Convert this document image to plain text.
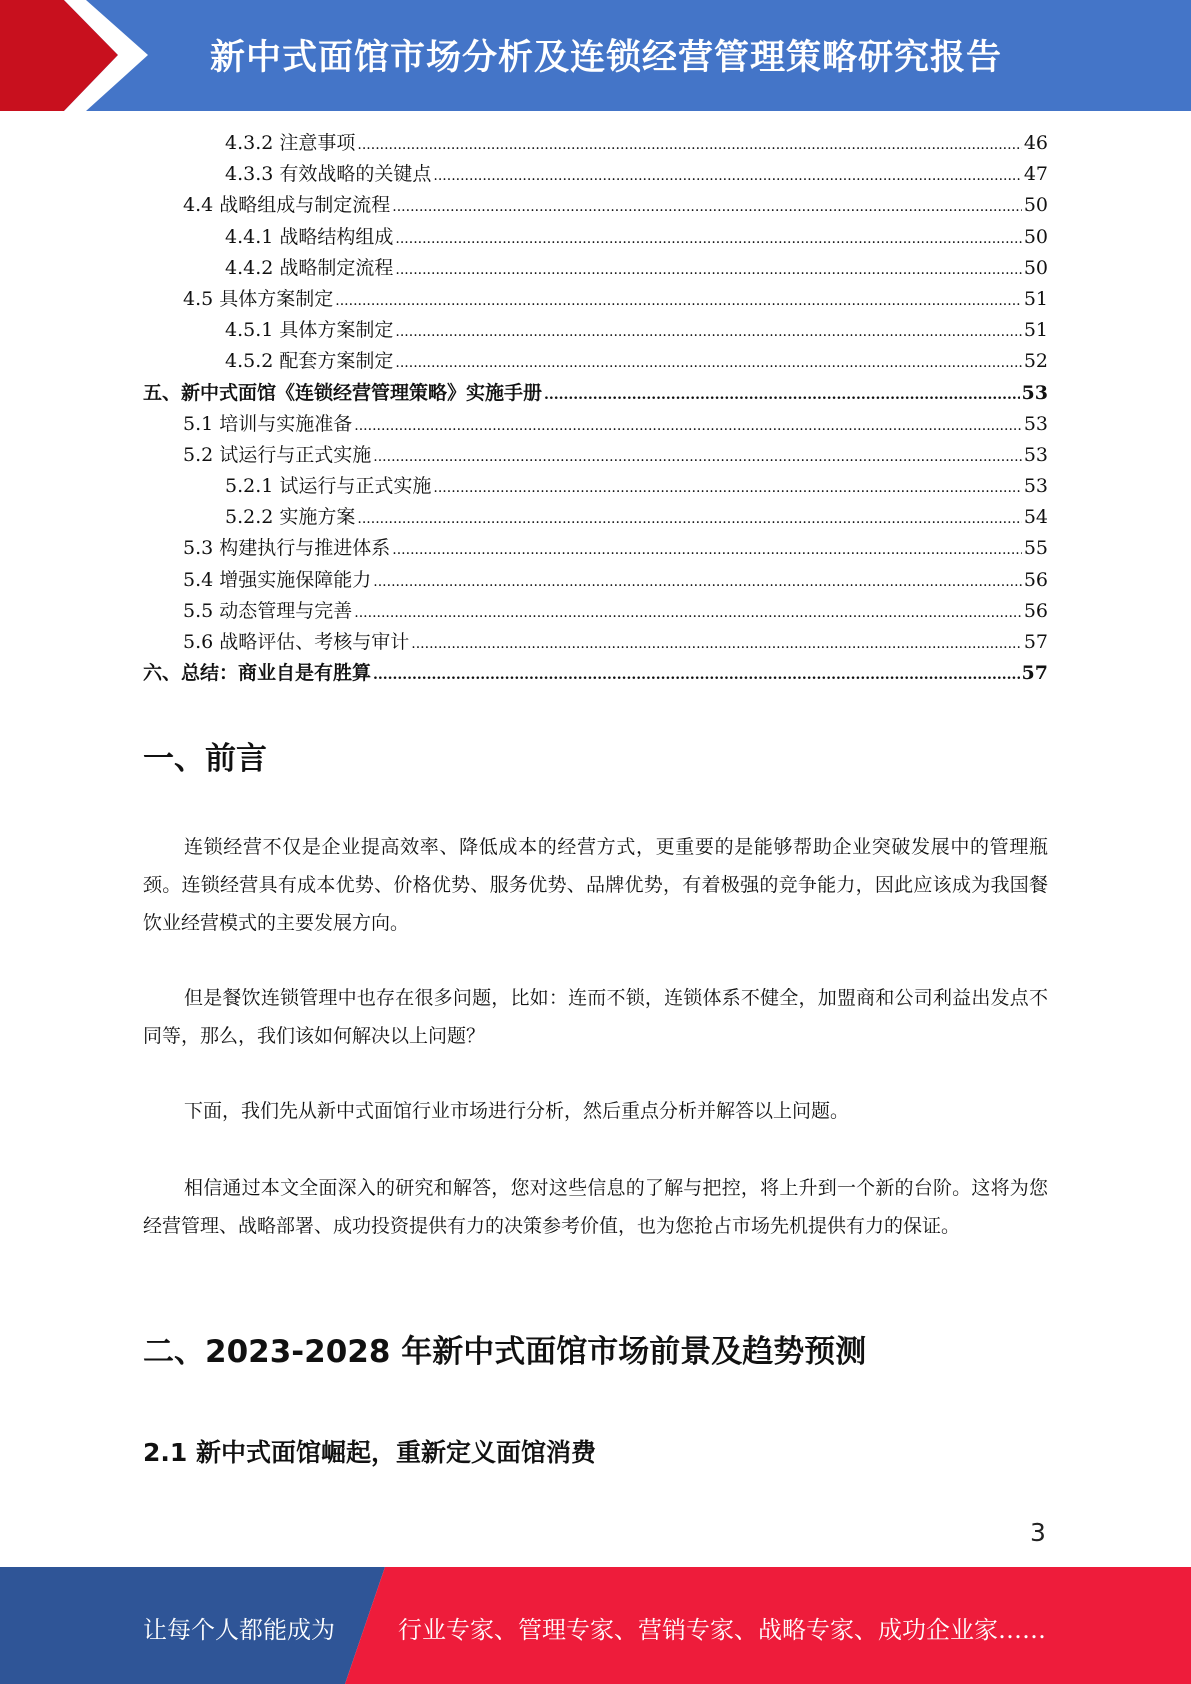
新中式面馆市场分析及连锁经营管理策略研究报告
4.3.2 注意事项 .....	46
4.3.3 有效战略的关键点 .....	47
4.4 战略组成与制定流程 .....	50
4.4.1 战略结构组成 .....	50
4.4.2 战略制定流程 .....	50
4.5 具体方案制定 .....	51
4.5.1 具体方案制定 .....	51
4.5.2 配套方案制定 .....	52
五、新中式面馆《连锁经营管理策略》实施手册 .....	53
5.1 培训与实施准备 .....	53
5.2 试运行与正式实施 .....	53
5.2.1 试运行与正式实施 .....	53
5.2.2 实施方案 .....	54
5.3 构建执行与推进体系 .....	55
5.4 增强实施保障能力 .....	56
5.5 动态管理与完善 .....	56
5.6 战略评估、考核与审计 .....	57
六、总结：商业自是有胜算 .....	57
一、前言

连锁经营不仅是企业提高效率、降低成本的经营方式，更重要的是能够帮助企业突破发展中的管理瓶颈。连锁经营具有成本优势、价格优势、服务优势、品牌优势，有着极强的竞争能力，因此应该成为我国餐饮业经营模式的主要发展方向。

但是餐饮连锁管理中也存在很多问题，比如：连而不锁，连锁体系不健全，加盟商和公司利益出发点不同等，那么，我们该如何解决以上问题？

下面，我们先从新中式面馆行业市场进行分析，然后重点分析并解答以上问题。

相信通过本文全面深入的研究和解答，您对这些信息的了解与把控，将上升到一个新的台阶。这将为您经营管理、战略部署、成功投资提供有力的决策参考价值，也为您抢占市场先机提供有力的保证。

二、2023-2028 年新中式面馆市场前景及趋势预测
2.1 新中式面馆崛起，重新定义面馆消费
3
让每个人都能成为	行业专家、管理专家、营销专家、战略专家、成功企业家……
